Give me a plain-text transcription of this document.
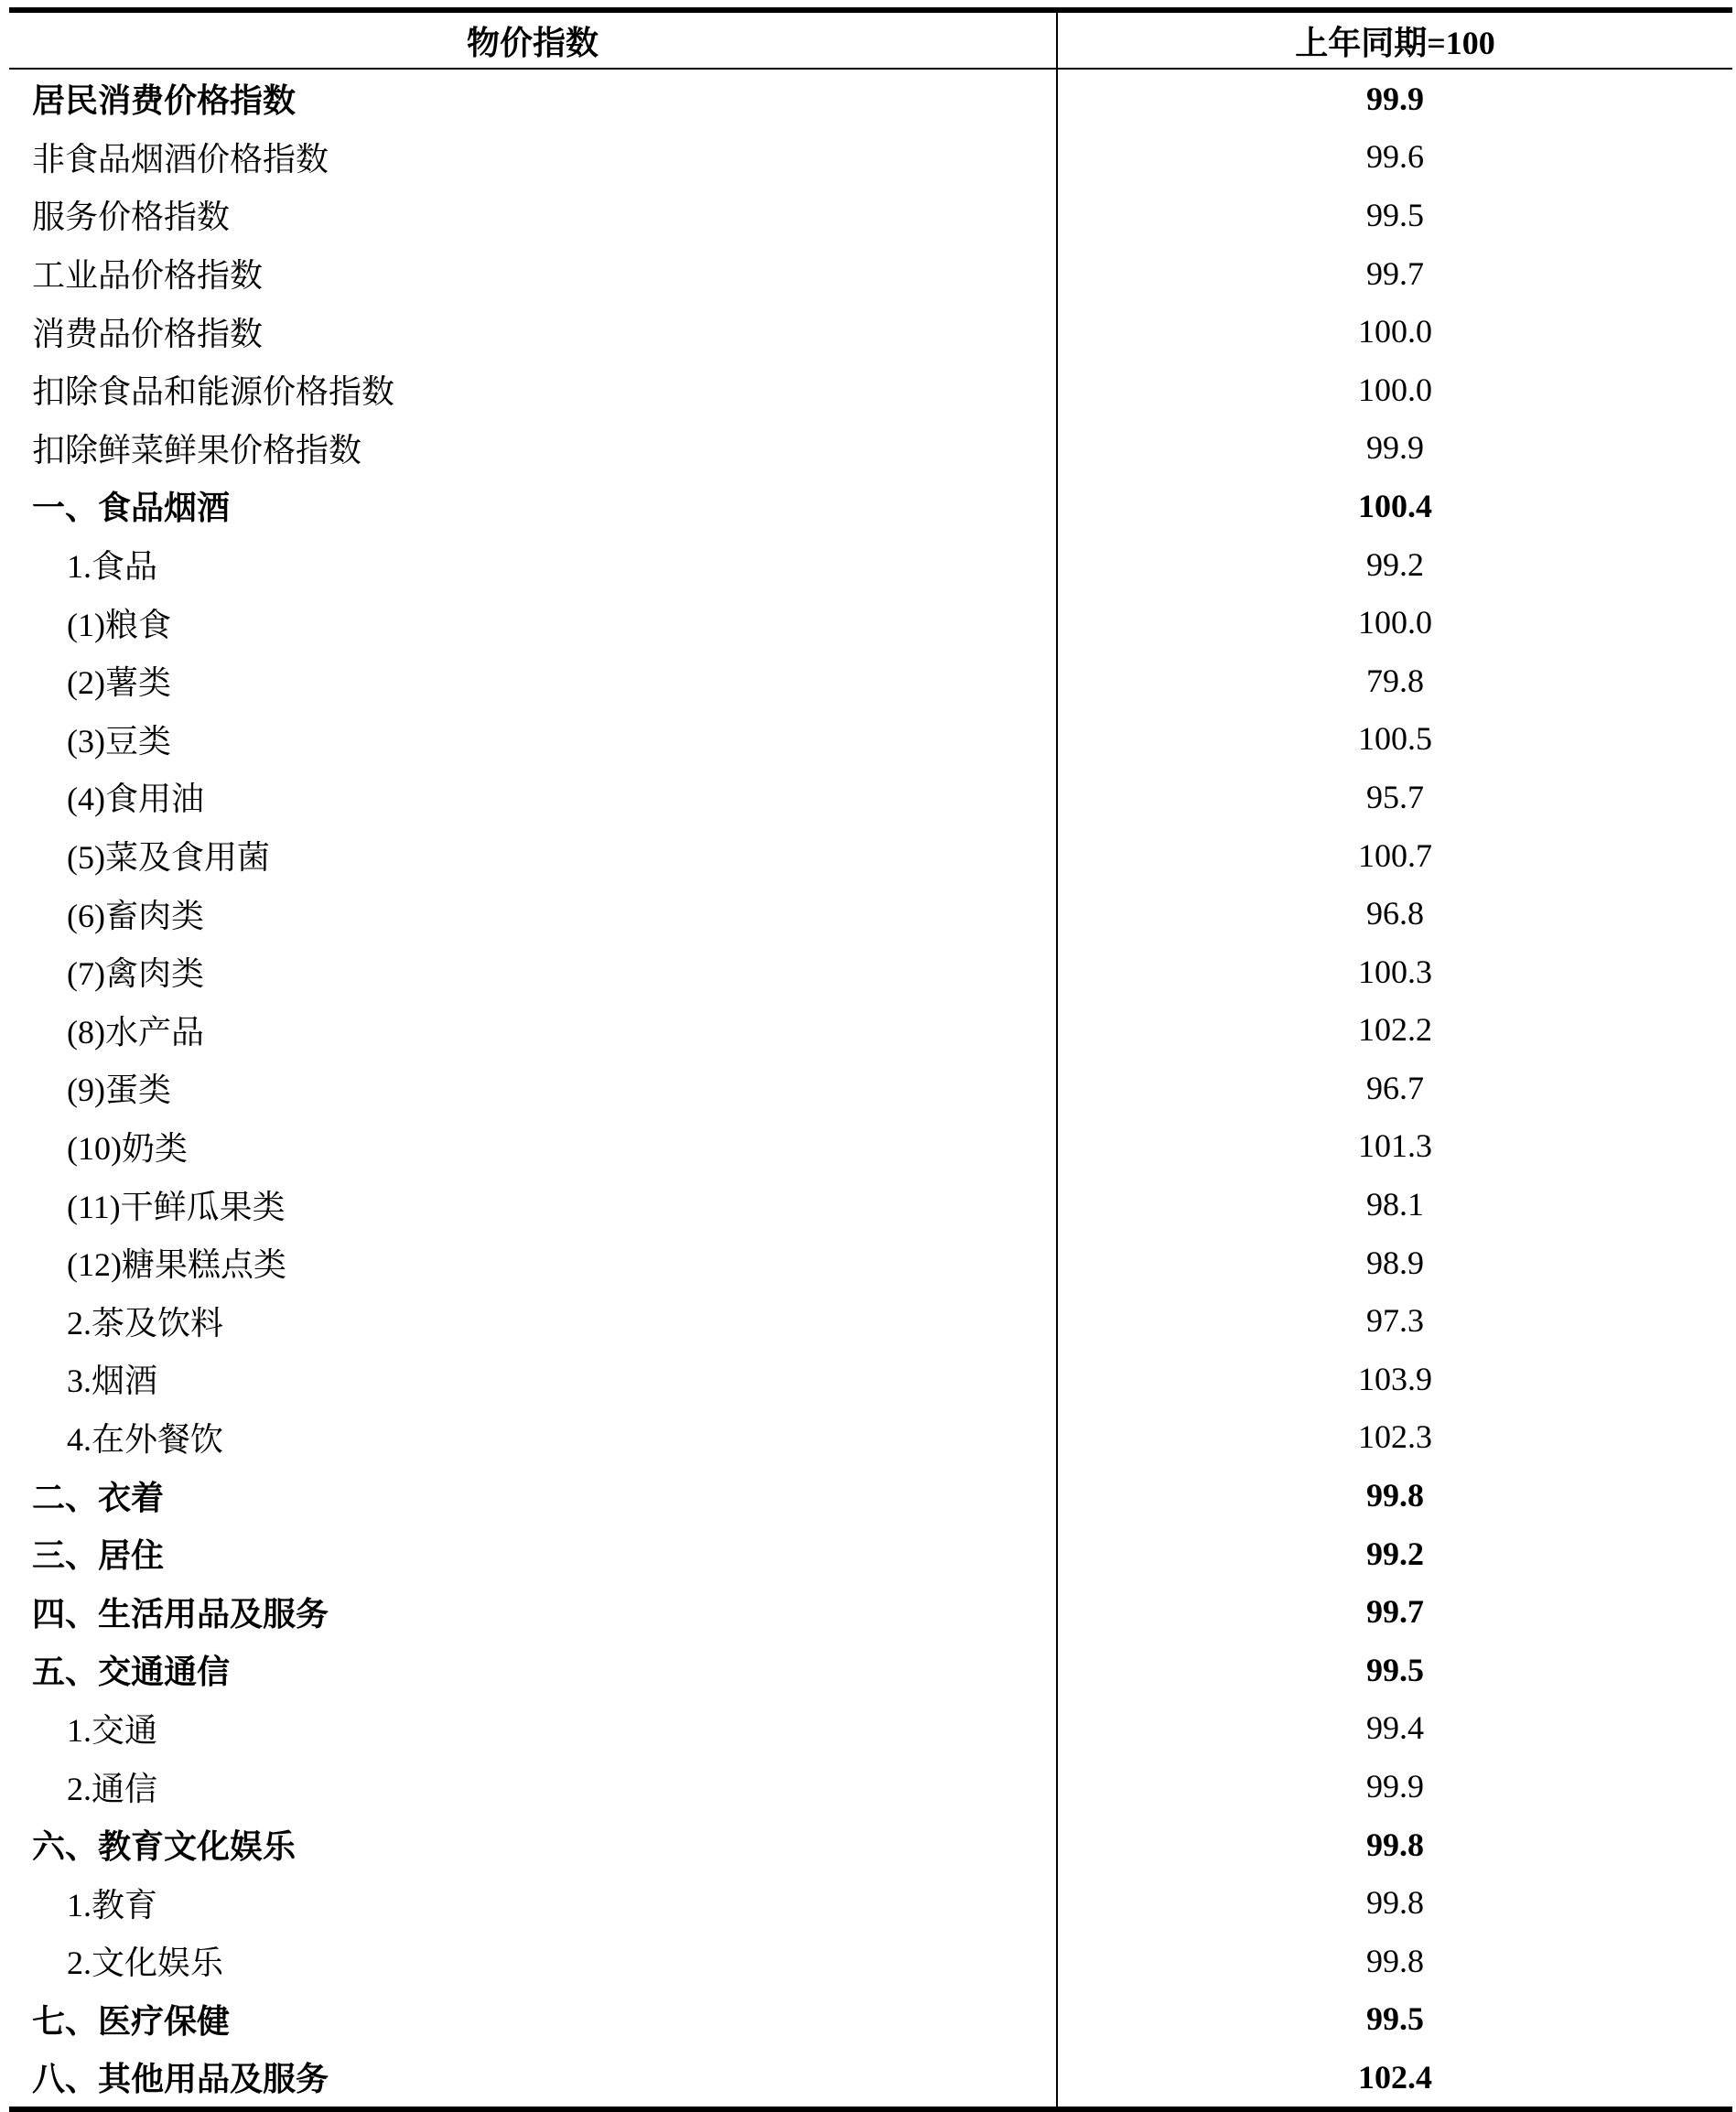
物价指数	上年同期=100
居民消费价格指数	99.9
非食品烟酒价格指数	99.6
服务价格指数	99.5
工业品价格指数	99.7
消费品价格指数	100.0
扣除食品和能源价格指数	100.0
扣除鲜菜鲜果价格指数	99.9
一、食品烟酒	100.4
1.食品	99.2
(1)粮食	100.0
(2)薯类	79.8
(3)豆类	100.5
(4)食用油	95.7
(5)菜及食用菌	100.7
(6)畜肉类	96.8
(7)禽肉类	100.3
(8)水产品	102.2
(9)蛋类	96.7
(10)奶类	101.3
(11)干鲜瓜果类	98.1
(12)糖果糕点类	98.9
2.茶及饮料	97.3
3.烟酒	103.9
4.在外餐饮	102.3
二、衣着	99.8
三、居住	99.2
四、生活用品及服务	99.7
五、交通通信	99.5
1.交通	99.4
2.通信	99.9
六、教育文化娱乐	99.8
1.教育	99.8
2.文化娱乐	99.8
七、医疗保健	99.5
八、其他用品及服务	102.4
